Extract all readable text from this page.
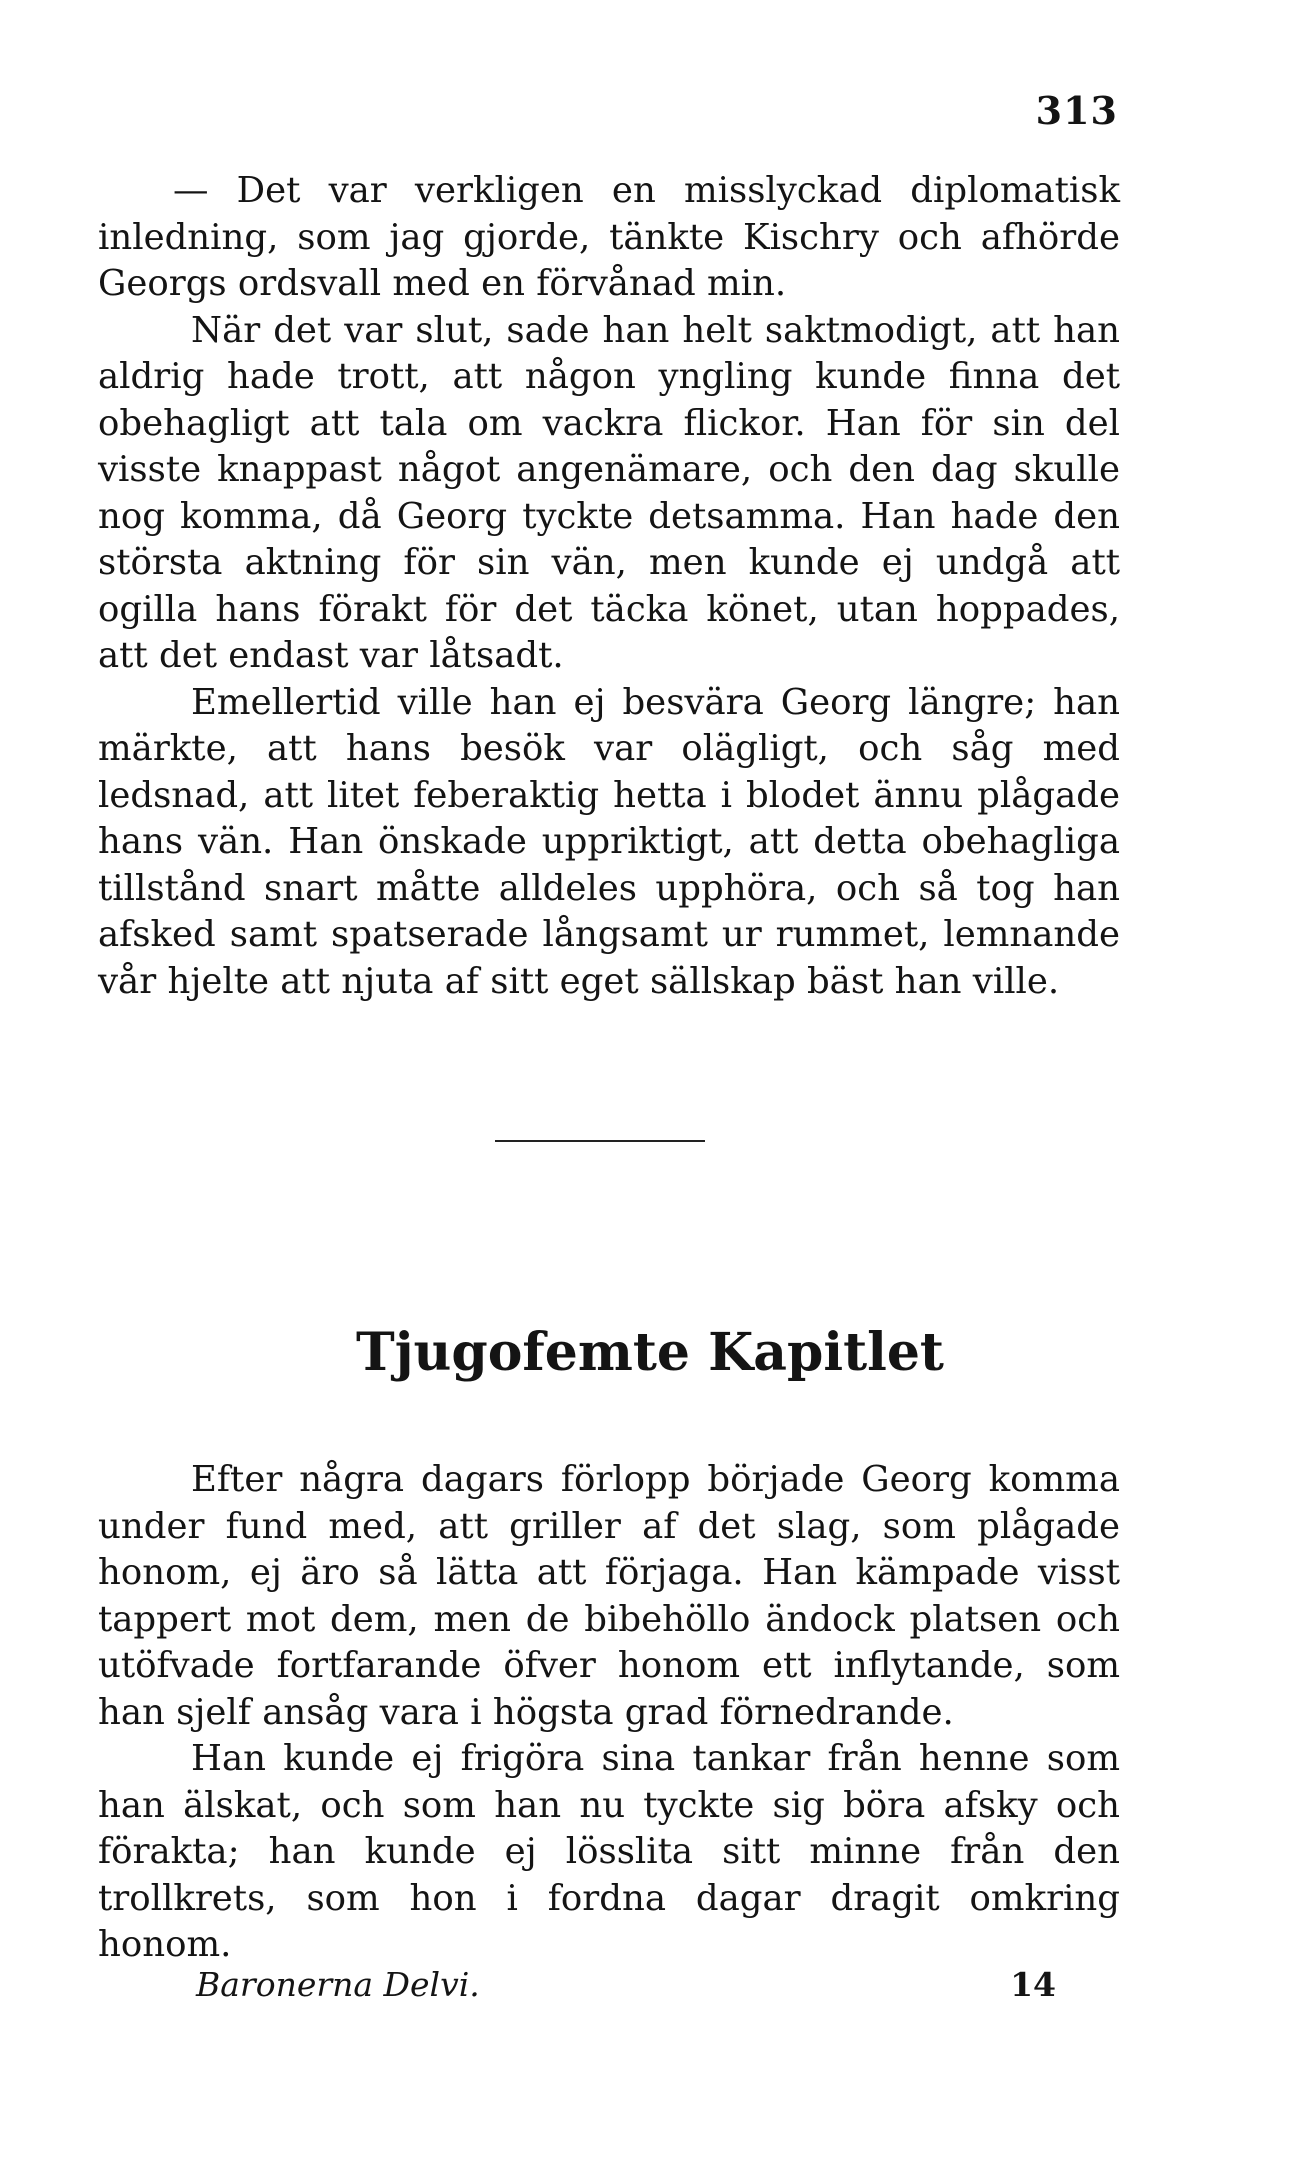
313

— Det var verkligen en misslyckad diplomatisk inledning, som jag gjorde, tänkte Kischry och afhörde Georgs ordsvall med en förvånad min.

När det var slut, sade han helt saktmodigt, att han aldrig hade trott, att någon yngling kunde finna det obehagligt att tala om vackra flickor. Han för sin del visste knappast något angenämare, och den dag skulle nog komma, då Georg tyckte detsamma. Han hade den största aktning för sin vän, men kunde ej undgå att ogilla hans förakt för det täcka könet, utan hoppades, att det endast var låtsadt.

Emellertid ville han ej besvära Georg längre; han märkte, att hans besök var olägligt, och såg med ledsnad, att litet feberaktig hetta i blodet ännu plågade hans vän. Han önskade uppriktigt, att detta obehagliga tillstånd snart måtte alldeles upphöra, och så tog han afsked samt spatserade långsamt ur rummet, lemnande vår hjelte att njuta af sitt eget sällskap bäst han ville.

Tjugofemte Kapitlet

Efter några dagars förlopp började Georg komma under fund med, att griller af det slag, som plågade honom, ej äro så lätta att förjaga. Han kämpade visst tappert mot dem, men de bibehöllo ändock platsen och utöfvade fortfarande öfver honom ett inflytande, som han sjelf ansåg vara i högsta grad förnedrande.

Han kunde ej frigöra sina tankar från henne som han älskat, och som han nu tyckte sig böra afsky och förakta; han kunde ej lösslita sitt minne från den trollkrets, som hon i fordna dagar dragit omkring honom.

Baronerna Delvi.	14
